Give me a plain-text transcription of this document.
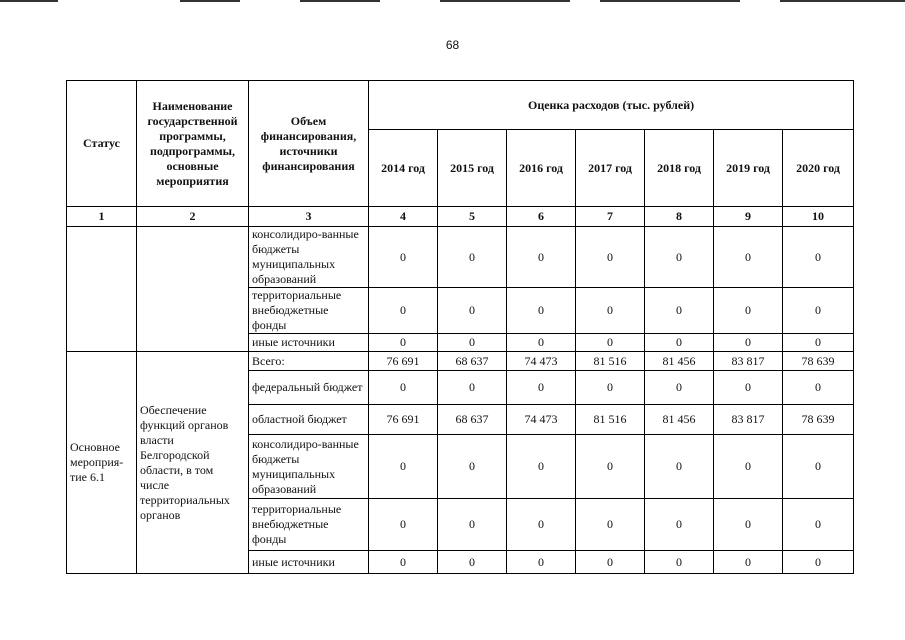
68
Статус	Наименование государственной программы, подпрограммы, основные мероприятия	Объем финансирования, источники финансирования	Оценка расходов (тыс. рублей)						
			2014 год	2015 год	2016 год	2017 год	2018 год	2019 год	2020 год
1	2	3	4	5	6	7	8	9	10
		консолидиро-ванные бюджеты муниципальных образований	0	0	0	0	0	0	0
		территориальные внебюджетные фонды	0	0	0	0	0	0	0
		иные источники	0	0	0	0	0	0	0
Основное мероприя-тие 6.1	Обеспечение функций органов власти Белгородской области, в том числе территориальных органов	Всего:	76 691	68 637	74 473	81 516	81 456	83 817	78 639
		федеральный бюджет	0	0	0	0	0	0	0
		областной бюджет	76 691	68 637	74 473	81 516	81 456	83 817	78 639
		консолидиро-ванные бюджеты муниципальных образований	0	0	0	0	0	0	0
		территориальные внебюджетные фонды	0	0	0	0	0	0	0
		иные источники	0	0	0	0	0	0	0
